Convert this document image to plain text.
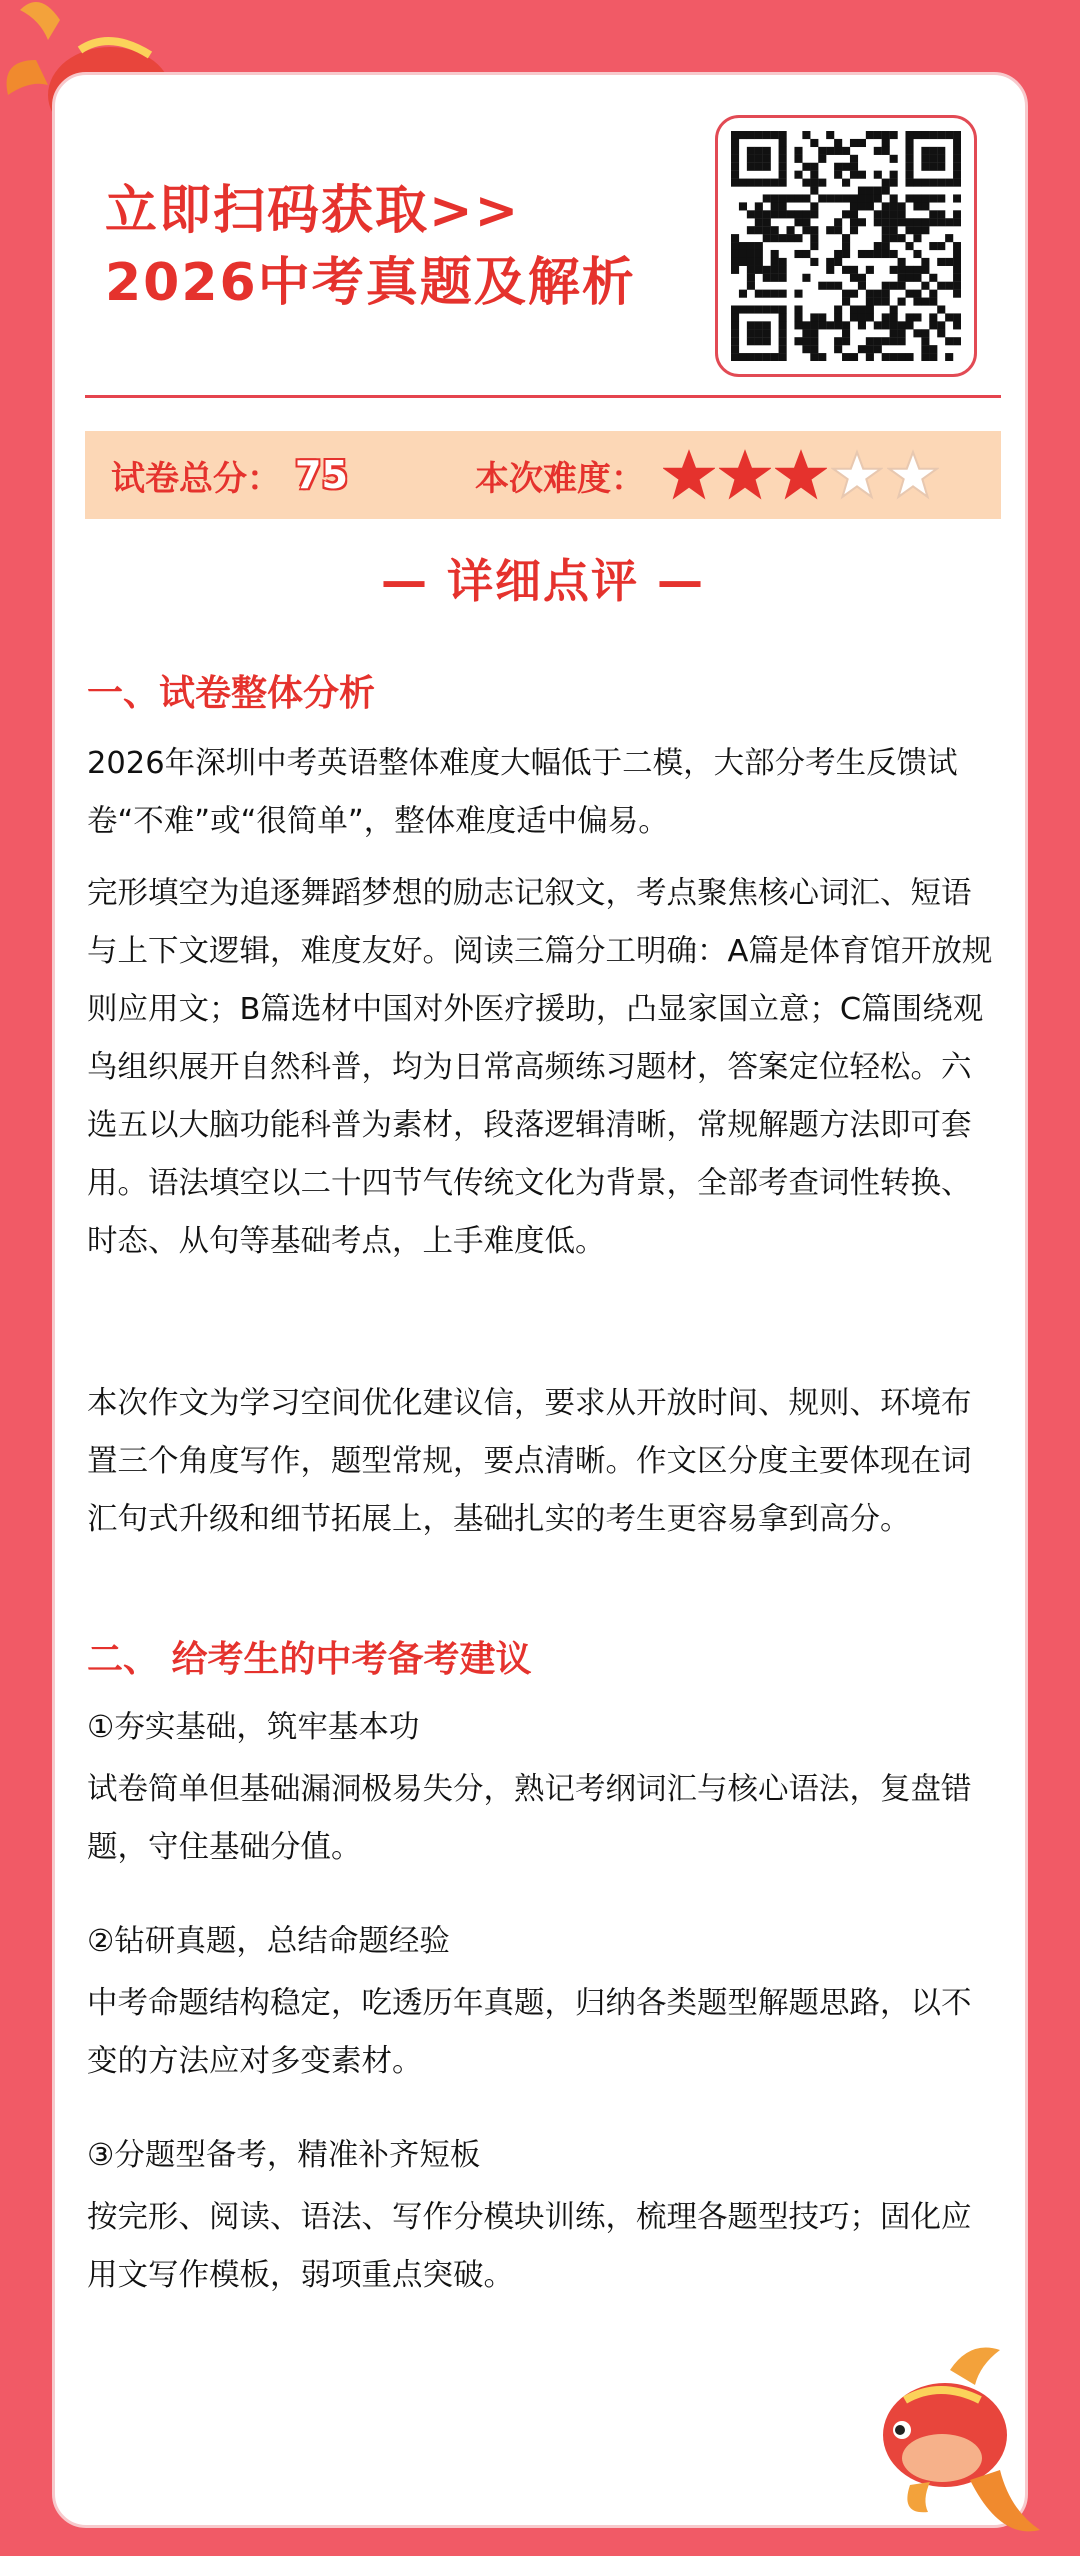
立即扫码获取>>
2026中考真题及解析
试卷总分： 75	本次难度：
— 详细点评 —
一、试卷整体分析

2026年深圳中考英语整体难度大幅低于二模，大部分考生反馈试卷“不难”或“很简单”，整体难度适中偏易。

完形填空为追逐舞蹈梦想的励志记叙文，考点聚焦核心词汇、短语与上下文逻辑，难度友好。阅读三篇分工明确：A篇是体育馆开放规则应用文；B篇选材中国对外医疗援助，凸显家国立意；C篇围绕观鸟组织展开自然科普，均为日常高频练习题材，答案定位轻松。六选五以大脑功能科普为素材，段落逻辑清晰，常规解题方法即可套用。语法填空以二十四节气传统文化为背景，全部考查词性转换、时态、从句等基础考点，上手难度低。

本次作文为学习空间优化建议信，要求从开放时间、规则、环境布置三个角度写作，题型常规，要点清晰。作文区分度主要体现在词汇句式升级和细节拓展上，基础扎实的考生更容易拿到高分。

二、 给考生的中考备考建议
①夯实基础，筑牢基本功

试卷简单但基础漏洞极易失分，熟记考纲词汇与核心语法，复盘错题，守住基础分值。

②钻研真题，总结命题经验

中考命题结构稳定，吃透历年真题，归纳各类题型解题思路，以不变的方法应对多变素材。

③分题型备考，精准补齐短板

按完形、阅读、语法、写作分模块训练，梳理各题型技巧；固化应用文写作模板，弱项重点突破。
